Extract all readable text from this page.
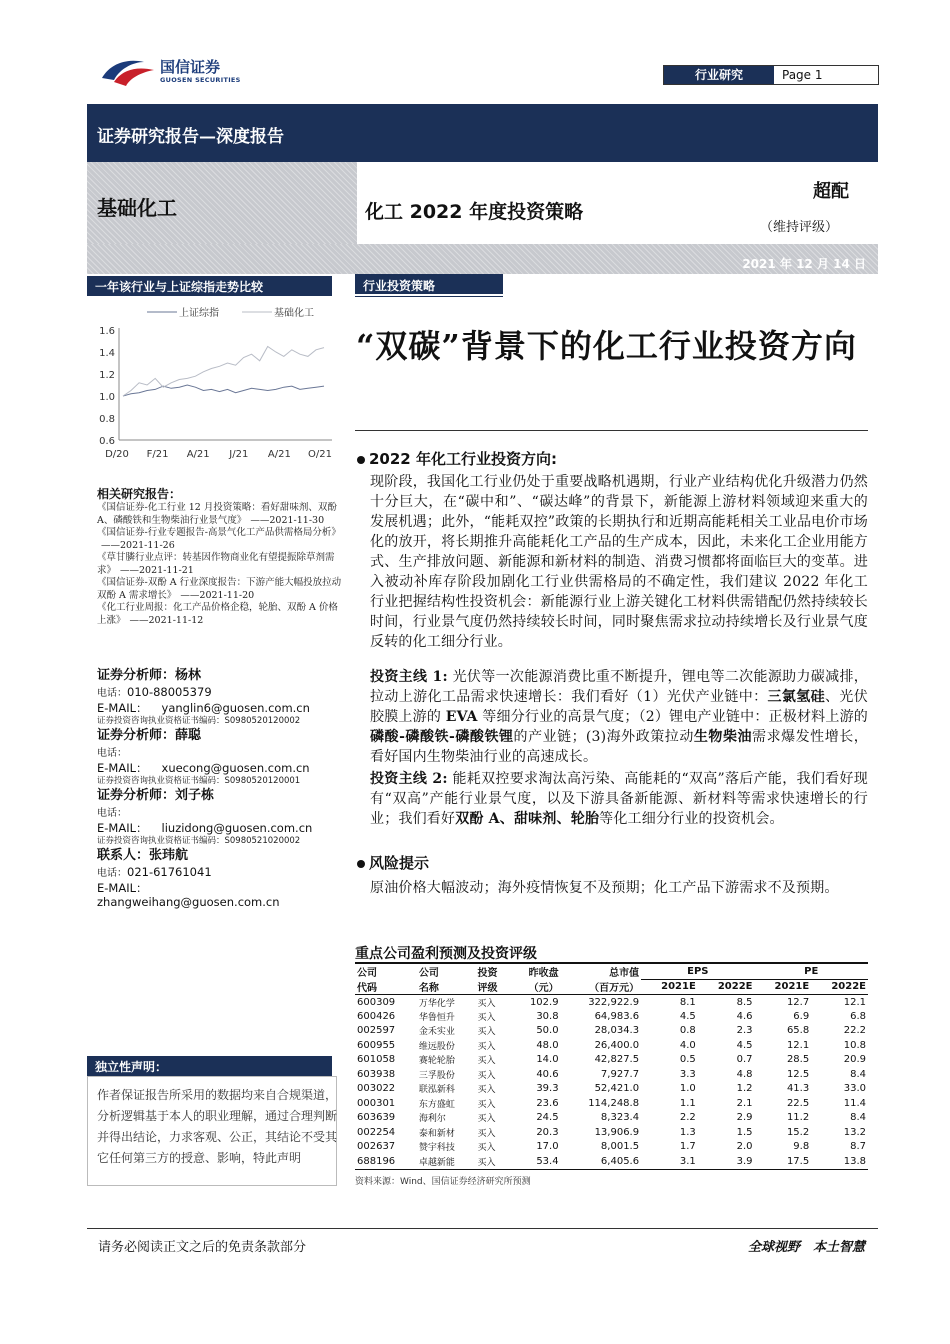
国信证券
GUOSEN SECURITIES	行业研究	Page 1
证券研究报告—深度报告
基础化工	化工 2022 年度投资策略
超配
（维持评级）
2021 年 12 月 14 日
一年该行业与上证综指走势比较
1.6
1.4
1.2
1.0
0.8
0.6
D/20 F/21 A/21 J/21 A/21 O/21
上证综指	基础化工
相关研究报告：
《国信证券-化工行业 12 月投资策略：看好甜味剂、双酚 A、磷酸铁和生物柴油行业景气度》 ——2021-11-30
《国信证券-行业专题报告-高景气化工产品供需格局分析》——2021-11-26
《草甘膦行业点评：转基因作物商业化有望提振除草剂需求》 ——2021-11-21
《国信证券-双酚 A 行业深度报告：下游产能大幅投放拉动双酚 A 需求增长》 ——2021-11-20
《化工行业周报：化工产品价格企稳，轮胎、双酚 A 价格上涨》 ——2021-11-12
证券分析师：杨林
电话：010-88005379
E-MAIL： yanglin6@guosen.com.cn
证券投资咨询执业资格证书编码：S0980520120002
证券分析师：薛聪
电话：
E-MAIL： xuecong@guosen.com.cn
证券投资咨询执业资格证书编码：S0980520120001
证券分析师：刘子栋
电话：
E-MAIL： liuzidong@guosen.com.cn
证券投资咨询执业资格证书编码：S0980521020002
联系人：张玮航
电话：021-61761041
E-MAIL：
zhangweihang@guosen.com.cn
独立性声明：
作者保证报告所采用的数据均来自合规渠道，分析逻辑基于本人的职业理解，通过合理判断并得出结论，力求客观、公正，其结论不受其它任何第三方的授意、影响，特此声明
行业投资策略
“双碳”背景下的化工行业投资方向
2022 年化工行业投资方向:
现阶段，我国化工行业仍处于重要战略机遇期，行业产业结构优化升级潜力仍然十分巨大，在“碳中和”、“碳达峰”的背景下，新能源上游材料领域迎来重大的发展机遇；此外，“能耗双控”政策的长期执行和近期高能耗相关工业品电价市场化的放开，将长期推升高能耗化工产品的生产成本，因此，未来化工企业用能方式、生产排放问题、新能源和新材料的制造、消费习惯都将面临巨大的变革。进入被动补库存阶段加剧化工行业供需格局的不确定性，我们建议 2022 年化工行业把握结构性投资机会：新能源行业上游关键化工材料供需错配仍然持续较长时间，行业景气度仍然持续较长时间，同时聚焦需求拉动持续增长及行业景气度反转的化工细分行业。
投资主线 1: 光伏等一次能源消费比重不断提升，锂电等二次能源助力碳减排，拉动上游化工品需求快速增长：我们看好（1）光伏产业链中：三氯氢硅、光伏胶膜上游的 EVA 等细分行业的高景气度；（2）锂电产业链中：正极材料上游的磷酸-磷酸铁-磷酸铁锂的产业链；(3)海外政策拉动生物柴油需求爆发性增长，看好国内生物柴油行业的高速成长。
投资主线 2: 能耗双控要求淘汰高污染、高能耗的“双高”落后产能，我们看好现有“双高”产能行业景气度，以及下游具备新能源、新材料等需求快速增长的行业；我们看好双酚 A、甜味剂、轮胎等化工细分行业的投资机会。
风险提示
原油价格大幅波动；海外疫情恢复不及预期；化工产品下游需求不及预期。
重点公司盈利预测及投资评级
公司	公司	投资	昨收盘	总市值	EPS		PE	
代码	名称	评级	（元）	（百万元）	2021E	2022E	2021E	2022E
600309	万华化学	买入	102.9	322,922.9	8.1	8.5	12.7	12.1
600426	华鲁恒升	买入	30.8	64,983.6	4.5	4.6	6.9	6.8
002597	金禾实业	买入	50.0	28,034.3	0.8	2.3	65.8	22.2
600955	维远股份	买入	48.0	26,400.0	4.0	4.5	12.1	10.8
601058	赛轮轮胎	买入	14.0	42,827.5	0.5	0.7	28.5	20.9
603938	三孚股份	买入	40.6	7,927.7	3.3	4.8	12.5	8.4
003022	联泓新科	买入	39.3	52,421.0	1.0	1.2	41.3	33.0
000301	东方盛虹	买入	23.6	114,248.8	1.1	2.1	22.5	11.4
603639	海利尔	买入	24.5	8,323.4	2.2	2.9	11.2	8.4
002254	泰和新材	买入	20.3	13,906.9	1.3	1.5	15.2	13.2
002637	赞宇科技	买入	17.0	8,001.5	1.7	2.0	9.8	8.7
688196	卓越新能	买入	53.4	6,405.6	3.1	3.9	17.5	13.8
资料来源：Wind、国信证券经济研究所预测
请务必阅读正文之后的免责条款部分	全球视野　本土智慧
